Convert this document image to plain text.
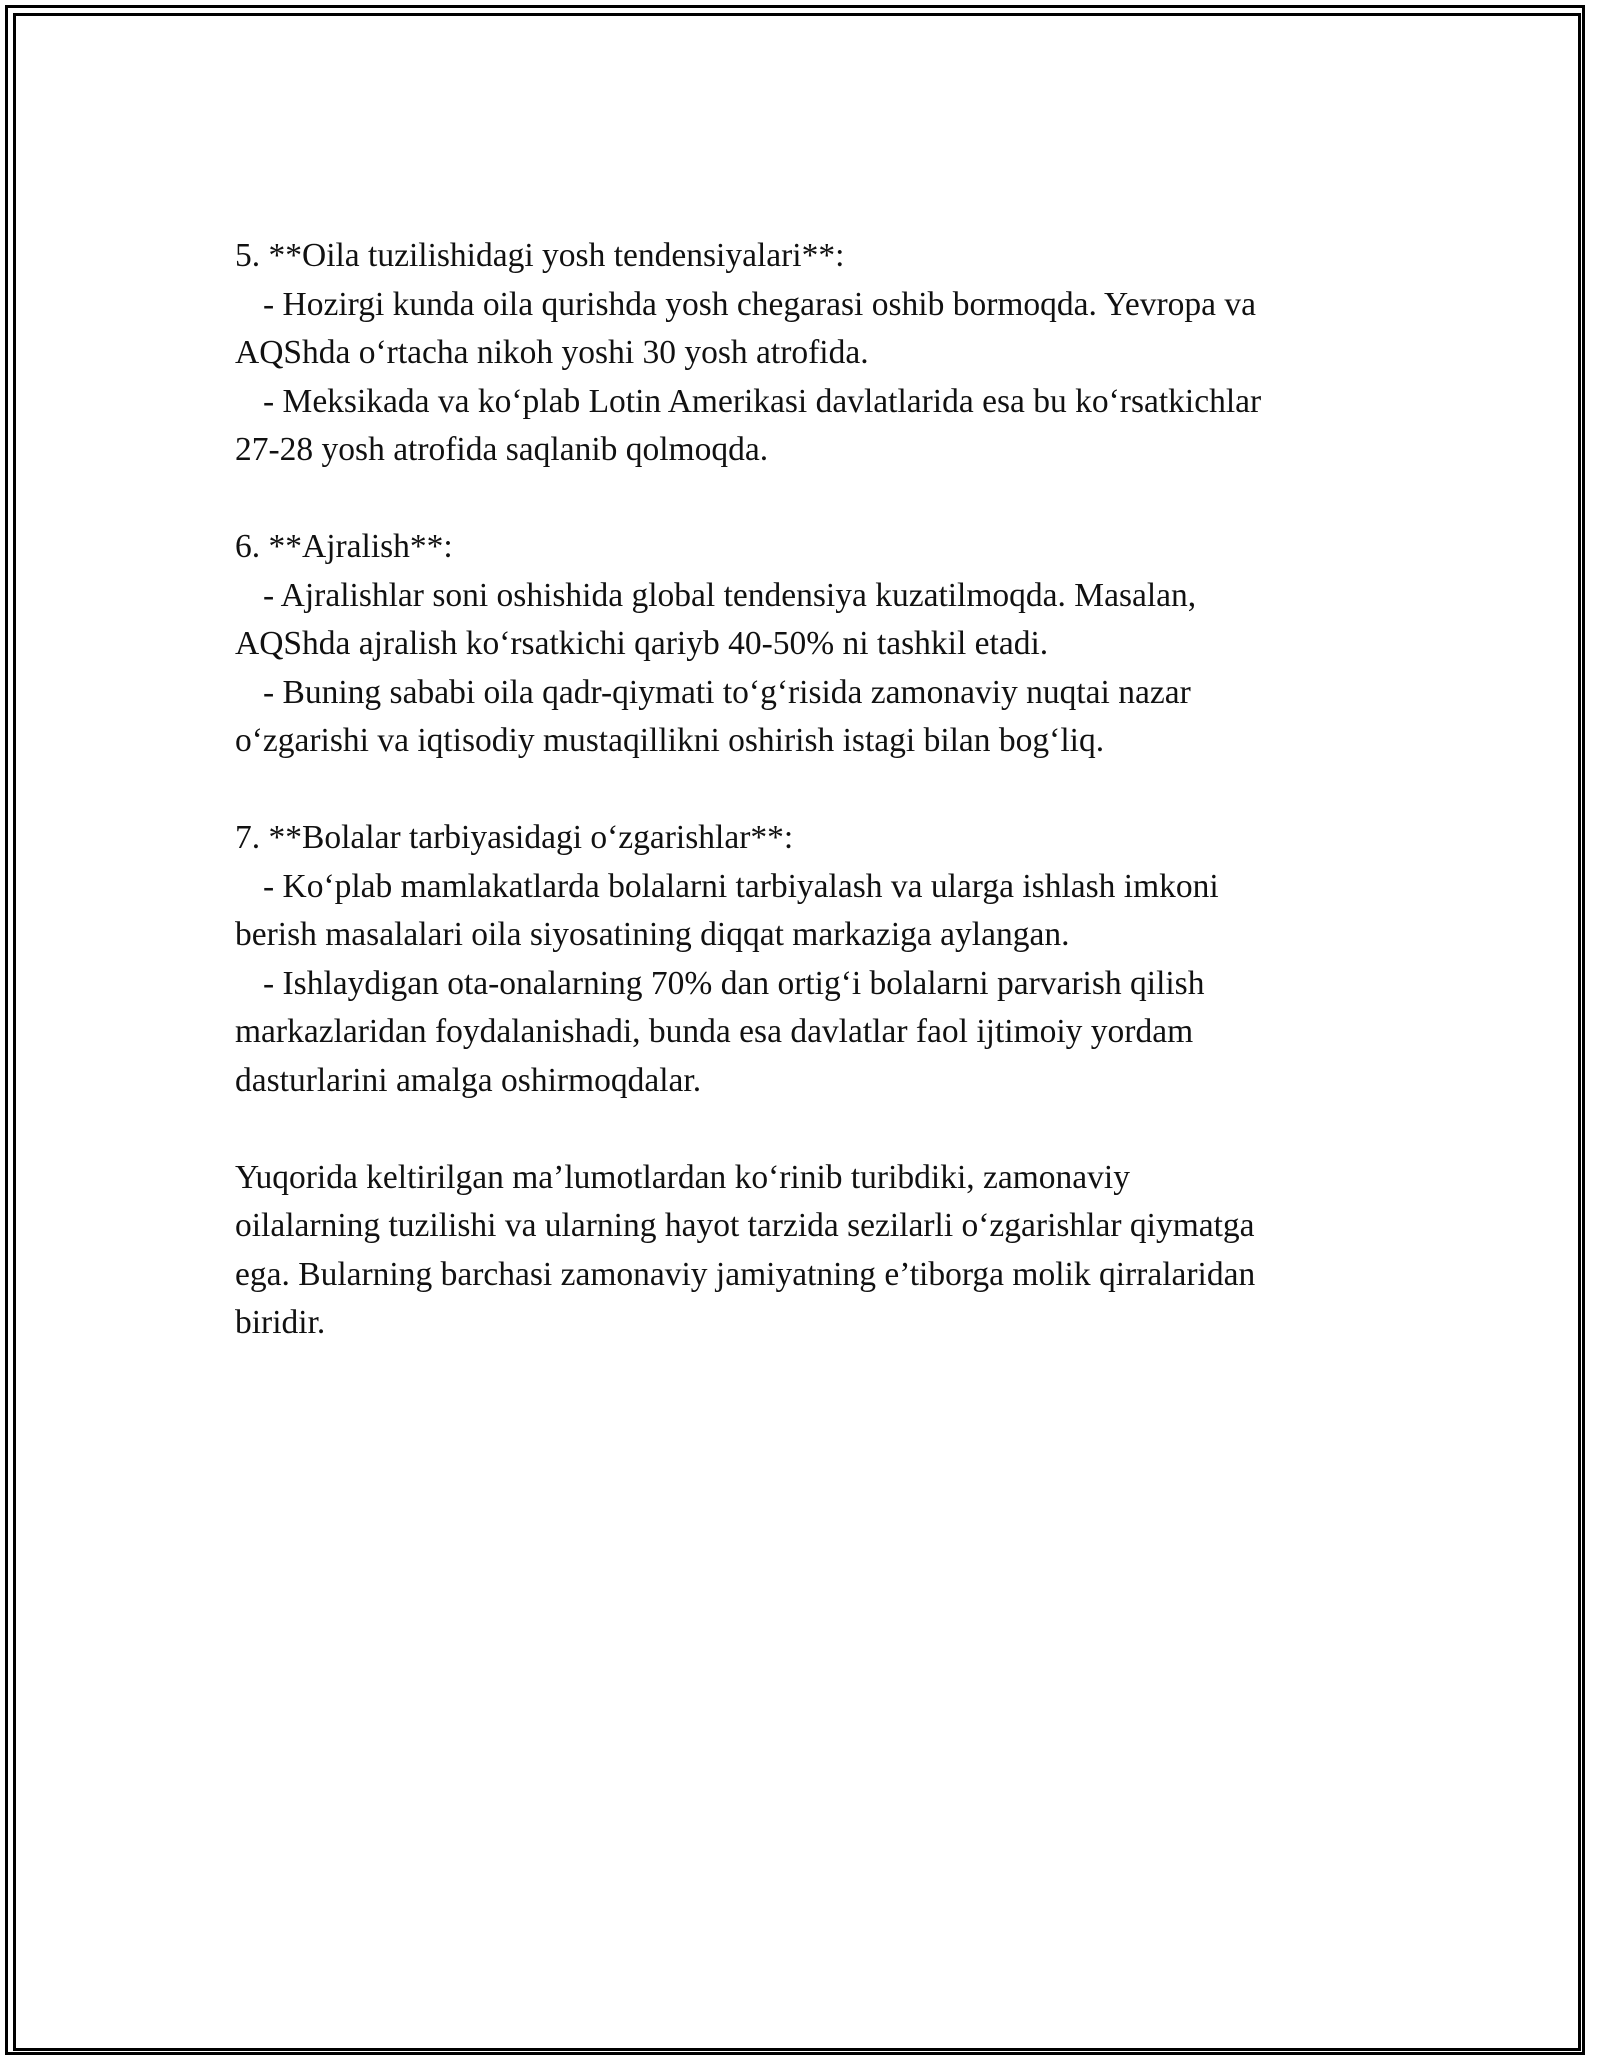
5. **Oila tuzilishidagi yosh tendensiyalari**:
- Hozirgi kunda oila qurishda yosh chegarasi oshib bormoqda. Yevropa va
AQShda oʻrtacha nikoh yoshi 30 yosh atrofida.
- Meksikada va koʻplab Lotin Amerikasi davlatlarida esa bu koʻrsatkichlar
27-28 yosh atrofida saqlanib qolmoqda.
6. **Ajralish**:
- Ajralishlar soni oshishida global tendensiya kuzatilmoqda. Masalan,
AQShda ajralish koʻrsatkichi qariyb 40-50% ni tashkil etadi.
- Buning sababi oila qadr-qiymati toʻgʻrisida zamonaviy nuqtai nazar
oʻzgarishi va iqtisodiy mustaqillikni oshirish istagi bilan bogʻliq.
7. **Bolalar tarbiyasidagi oʻzgarishlar**:
- Koʻplab mamlakatlarda bolalarni tarbiyalash va ularga ishlash imkoni
berish masalalari oila siyosatining diqqat markaziga aylangan.
- Ishlaydigan ota-onalarning 70% dan ortigʻi bolalarni parvarish qilish
markazlaridan foydalanishadi, bunda esa davlatlar faol ijtimoiy yordam
dasturlarini amalga oshirmoqdalar.
Yuqorida keltirilgan ma’lumotlardan koʻrinib turibdiki, zamonaviy
oilalarning tuzilishi va ularning hayot tarzida sezilarli oʻzgarishlar qiymatga
ega. Bularning barchasi zamonaviy jamiyatning e’tiborga molik qirralaridan
biridir.
